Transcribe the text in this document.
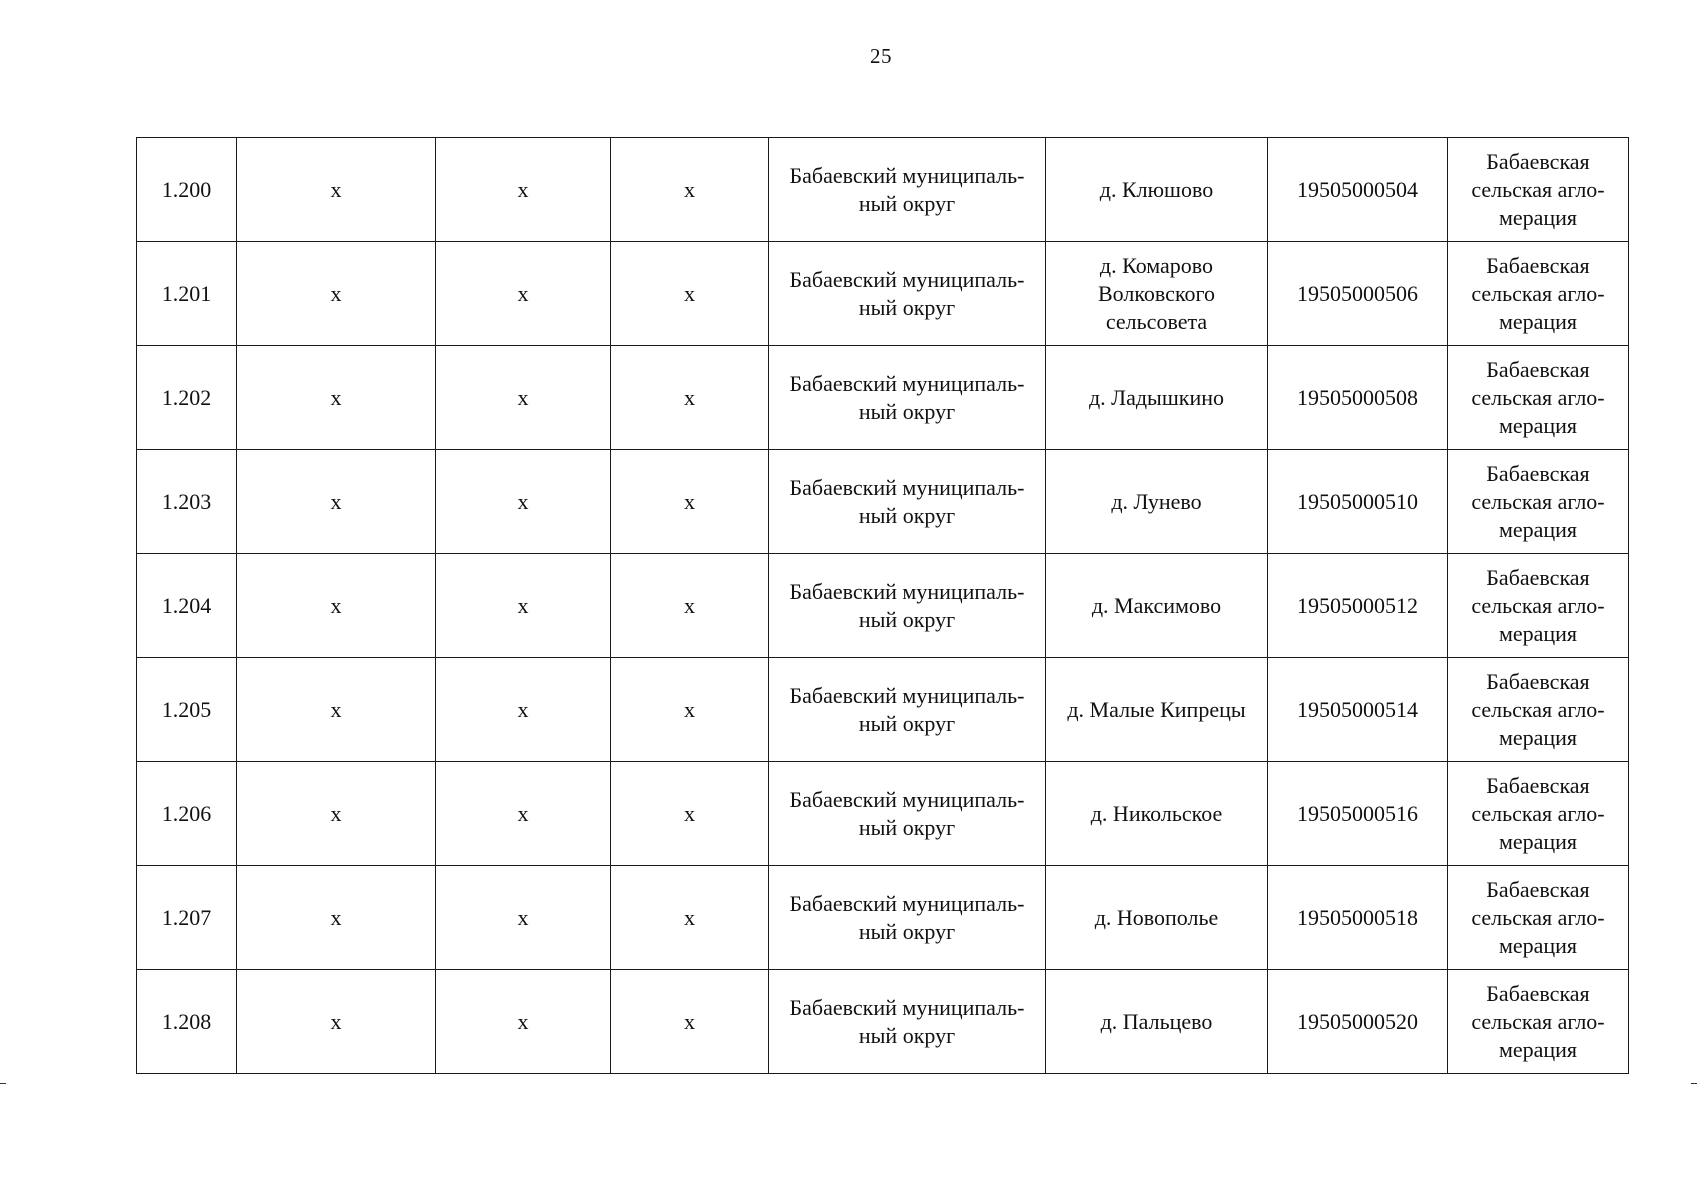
25
1.200	х	х	х	Бабаевский муниципаль-
ный округ	д. Клюшово	19505000504	Бабаевская
сельская агло-
мерация
1.201	х	х	х	Бабаевский муниципаль-
ный округ	д. Комарово
Волковского
сельсовета	19505000506	Бабаевская
сельская агло-
мерация
1.202	х	х	х	Бабаевский муниципаль-
ный округ	д. Ладышкино	19505000508	Бабаевская
сельская агло-
мерация
1.203	х	х	х	Бабаевский муниципаль-
ный округ	д. Лунево	19505000510	Бабаевская
сельская агло-
мерация
1.204	х	х	х	Бабаевский муниципаль-
ный округ	д. Максимово	19505000512	Бабаевская
сельская агло-
мерация
1.205	х	х	х	Бабаевский муниципаль-
ный округ	д. Малые Кипрецы	19505000514	Бабаевская
сельская агло-
мерация
1.206	х	х	х	Бабаевский муниципаль-
ный округ	д. Никольское	19505000516	Бабаевская
сельская агло-
мерация
1.207	х	х	х	Бабаевский муниципаль-
ный округ	д. Новополье	19505000518	Бабаевская
сельская агло-
мерация
1.208	х	х	х	Бабаевский муниципаль-
ный округ	д. Пальцево	19505000520	Бабаевская
сельская агло-
мерация
